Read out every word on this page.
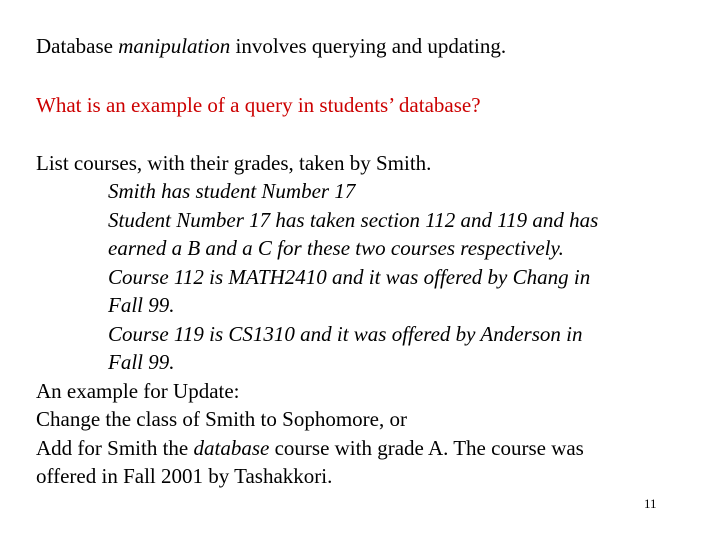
Database manipulation involves querying and updating.
What is an example of a query in students’ database?
List courses, with their grades, taken by Smith.
Smith has student Number 17
Student Number 17 has taken section 112 and 119 and has
earned a B and a C for these two courses respectively.
Course 112 is MATH2410 and it was offered by Chang in
Fall 99.
Course 119 is CS1310 and it was offered by Anderson in
Fall 99.
An example for Update:
Change the class of Smith to Sophomore, or
Add for Smith the database course with grade A. The course was
offered in Fall 2001 by Tashakkori.
11
